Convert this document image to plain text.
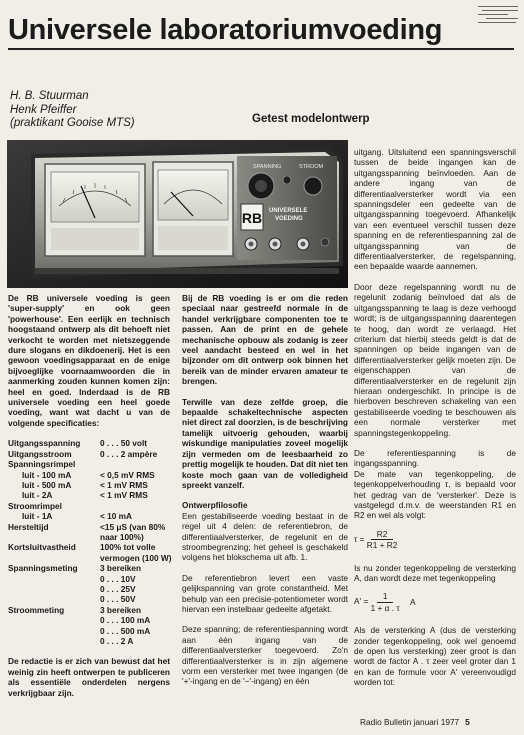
Universele laboratoriumvoeding
H. B. Stuurman
Henk Pfeiffer
(praktikant Gooise MTS)	Getest modelontwerp
SPANNING	STROOM
RB UNIVERSELE
VOEDING

De RB universele voeding is geen 'super-supply' en ook geen 'powerhouse'. Een eerlijk en technisch hoogstaand ontwerp als dit behoeft niet verkocht te worden met nietszeggende dure slogans en dikdoenerij. Het is een gewoon voedingsapparaat en de enige bijvoeglijke voornaamwoorden die in aanmerking zouden kunnen komen zijn: heel en goed. Inderdaad is de RB universele voeding een heel goede voeding, want wat dacht u van de volgende specificaties:

Uitgangsspanning	0 . . . 50 volt
Uitgangsstroom	0 . . . 2 ampère
Spanningsrimpel
Iuit - 100 mA	< 0,5 mV RMS
Iuit - 500 mA	< 1 mV RMS
Iuit - 2A	< 1 mV RMS
Stroomrimpel
Iuit - 1A	< 10 mA
Hersteltijd	<15 μS (van 80%
naar 100%)
Kortsluitvastheid	100% tot volle
vermogen (100 W)
Spanningsmeting	3 bereiken
0 . . . 10V
0 . . . 25V
0 . . . 50V
Stroommeting	3 bereiken
0 . . . 100 mA
0 . . . 500 mA
0 . . . 2 A

De redactie is er zich van bewust dat het weinig zin heeft ontwerpen te publiceren als essentiële onderdelen nergens verkrijgbaar zijn.

Bij de RB voeding is er om die reden speciaal naar gestreefd normale in de handel verkrijgbare componenten toe te passen. Aan de print en de gehele mechanische opbouw als zodanig is zeer veel aandacht besteed en wel in het bijzonder om dit ontwerp ook binnen het bereik van de minder ervaren amateur te brengen.

Terwille van deze zelfde groep, die bepaalde schakeltechnische aspecten niet direct zal doorzien, is de beschrijving tamelijk uitvoerig gehouden, waarbij wiskundige manipulaties zoveel mogelijk zijn vermeden om de leesbaarheid zo prettig mogelijk te houden. Dat dit niet ten koste moch gaan van de volledigheid spreekt vanzelf.

Ontwerpfilosofie

Een gestabiliseerde voeding bestaat in de regel uit 4 delen: de referentiebron, de differentiaalversterker, de regelunit en de stroombegrenzing; het geheel is geschakeld volgens het blokschema uit afb. 1.

De referentiebron levert een vaste gelijkspanning van grote constantheid. Met behulp van een precisie-potentiometer wordt hiervan een instelbaar gedeelte afgetakt.

Deze spanning; de referentiespanning wordt aan één ingang van de differentiaalversterker toegevoerd. Zo'n differentiaalversterker is in zijn algemene vorm een versterker met twee ingangen (de '+'-ingang en de '−'-ingang) en één

uitgang. Uitsluitend een spanningsverschil tussen de beide ingangen kan de uitgangsspanning beïnvloeden. Aan de andere ingang van de differentiaalversterker wordt via een spanningsdeler een gedeelte van de uitgangsspanning toegevoerd. Afhankelijk van een eventueel verschil tussen deze spanning en de referentiespanning zal de uitgangsspanning van de differentiaalversterker, de regelspanning, een bepaalde waarde aannemen.

Door deze regelspanning wordt nu de regelunit zodanig beïnvloed dat als de uitgangsspanning te laag is deze verhoogd wordt; is de uitgangsspanning daarentegen te hoog, dan wordt ze verlaagd. Het criterium dat hierbij steeds geldt is dat de spanningen op beide ingangen van de differentiaalversterker gelijk moeten zijn. De eigenschappen van de differentiaalversterker en de regelunit zijn hieraan ondergeschikt. In principe is de hierboven beschreven schakeling van een gestabiliseerde voeding te beschouwen als een normale versterker met spanningstegenkoppeling.

De referentiespanning is de ingangsspanning.

De mate van tegenkoppeling, de tegenkoppelverhouding τ, is bepaald voor het gedrag van de 'versterker'. Deze is vastgelegd d.m.v. de weerstanden R1 en R2 en wel als volgt:

$\tau = \frac{R2}{R1 + R2}$

Is nu zonder tegenkoppeling de versterking A, dan wordt deze met tegenkoppeling

$A' = \frac{1}{1 + \alpha . \tau}$ A

Als de versterking A (dus de versterking zonder tegenkoppeling, ook wel genoemd de open lus versterking) zeer groot is dan wordt de factor A . τ zeer veel groter dan 1 en kan de formule voor A' vereenvoudigd worden tot:

Radio Bulletin januari 1977 5
